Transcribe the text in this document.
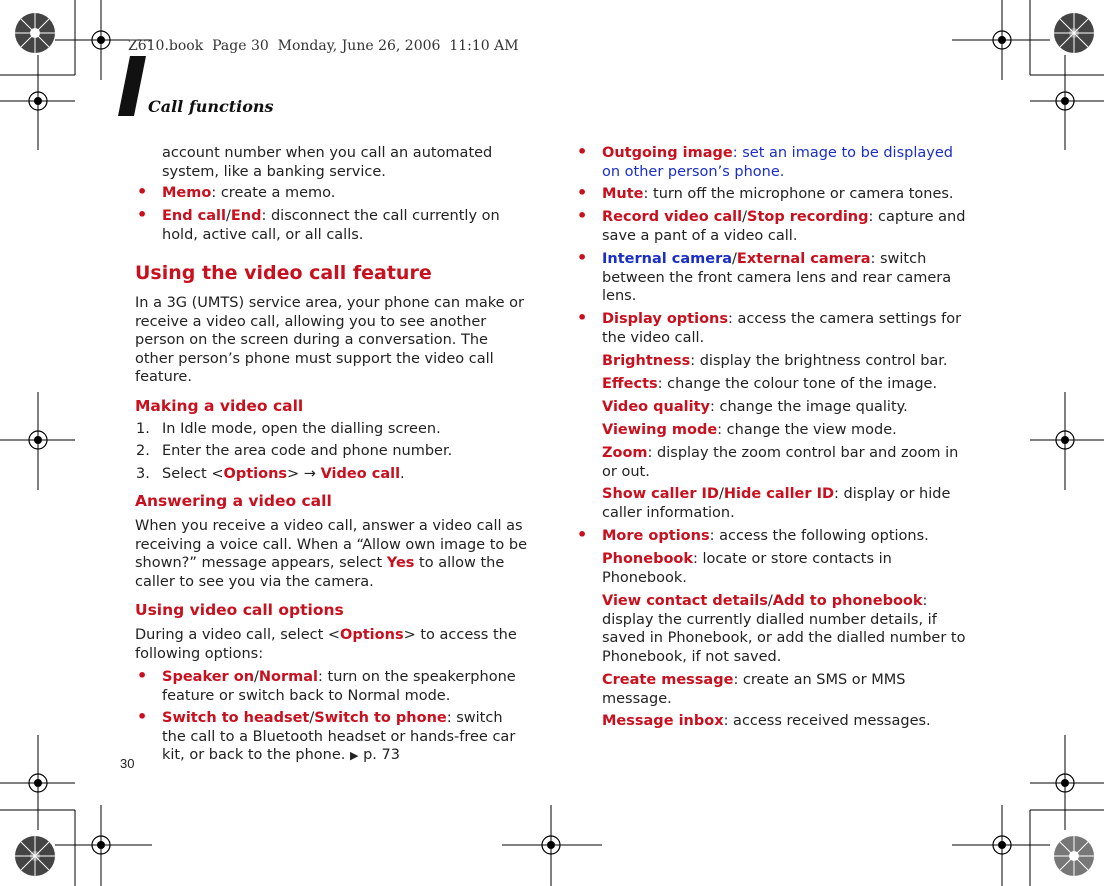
Z610.book  Page 30  Monday, June 26, 2006  11:10 AM
Call functions

account number when you call an automated system, like a banking service.

• Memo: create a memo.
• End call/End: disconnect the call currently on hold, active call, or all calls.
Using the video call feature

In a 3G (UMTS) service area, your phone can make or receive a video call, allowing you to see another person on the screen during a conversation. The other person’s phone must support the video call feature.

Making a video call
1. In Idle mode, open the dialling screen.
2. Enter the area code and phone number.
3. Select <Options> → Video call.
Answering a video call

When you receive a video call, answer a video call as receiving a voice call. When a “Allow own image to be shown?” message appears, select Yes to allow the caller to see you via the camera.

Using video call options

During a video call, select <Options> to access the following options:

• Speaker on/Normal: turn on the speakerphone feature or switch back to Normal mode.
• Switch to headset/Switch to phone: switch the call to a Bluetooth headset or hands-free car kit, or back to the phone. ▶ p. 73
30
• Outgoing image: set an image to be displayed on other person’s phone.
• Mute: turn off the microphone or camera tones.
• Record video call/Stop recording: capture and save a pant of a video call.
• Internal camera/External camera: switch between the front camera lens and rear camera lens.
• Display options: access the camera settings for the video call.
Brightness: display the brightness control bar.
Effects: change the colour tone of the image.
Video quality: change the image quality.
Viewing mode: change the view mode.
Zoom: display the zoom control bar and zoom in or out.
Show caller ID/Hide caller ID: display or hide caller information.
• More options: access the following options.
Phonebook: locate or store contacts in Phonebook.
View contact details/Add to phonebook: display the currently dialled number details, if saved in Phonebook, or add the dialled number to Phonebook, if not saved.
Create message: create an SMS or MMS message.
Message inbox: access received messages.
